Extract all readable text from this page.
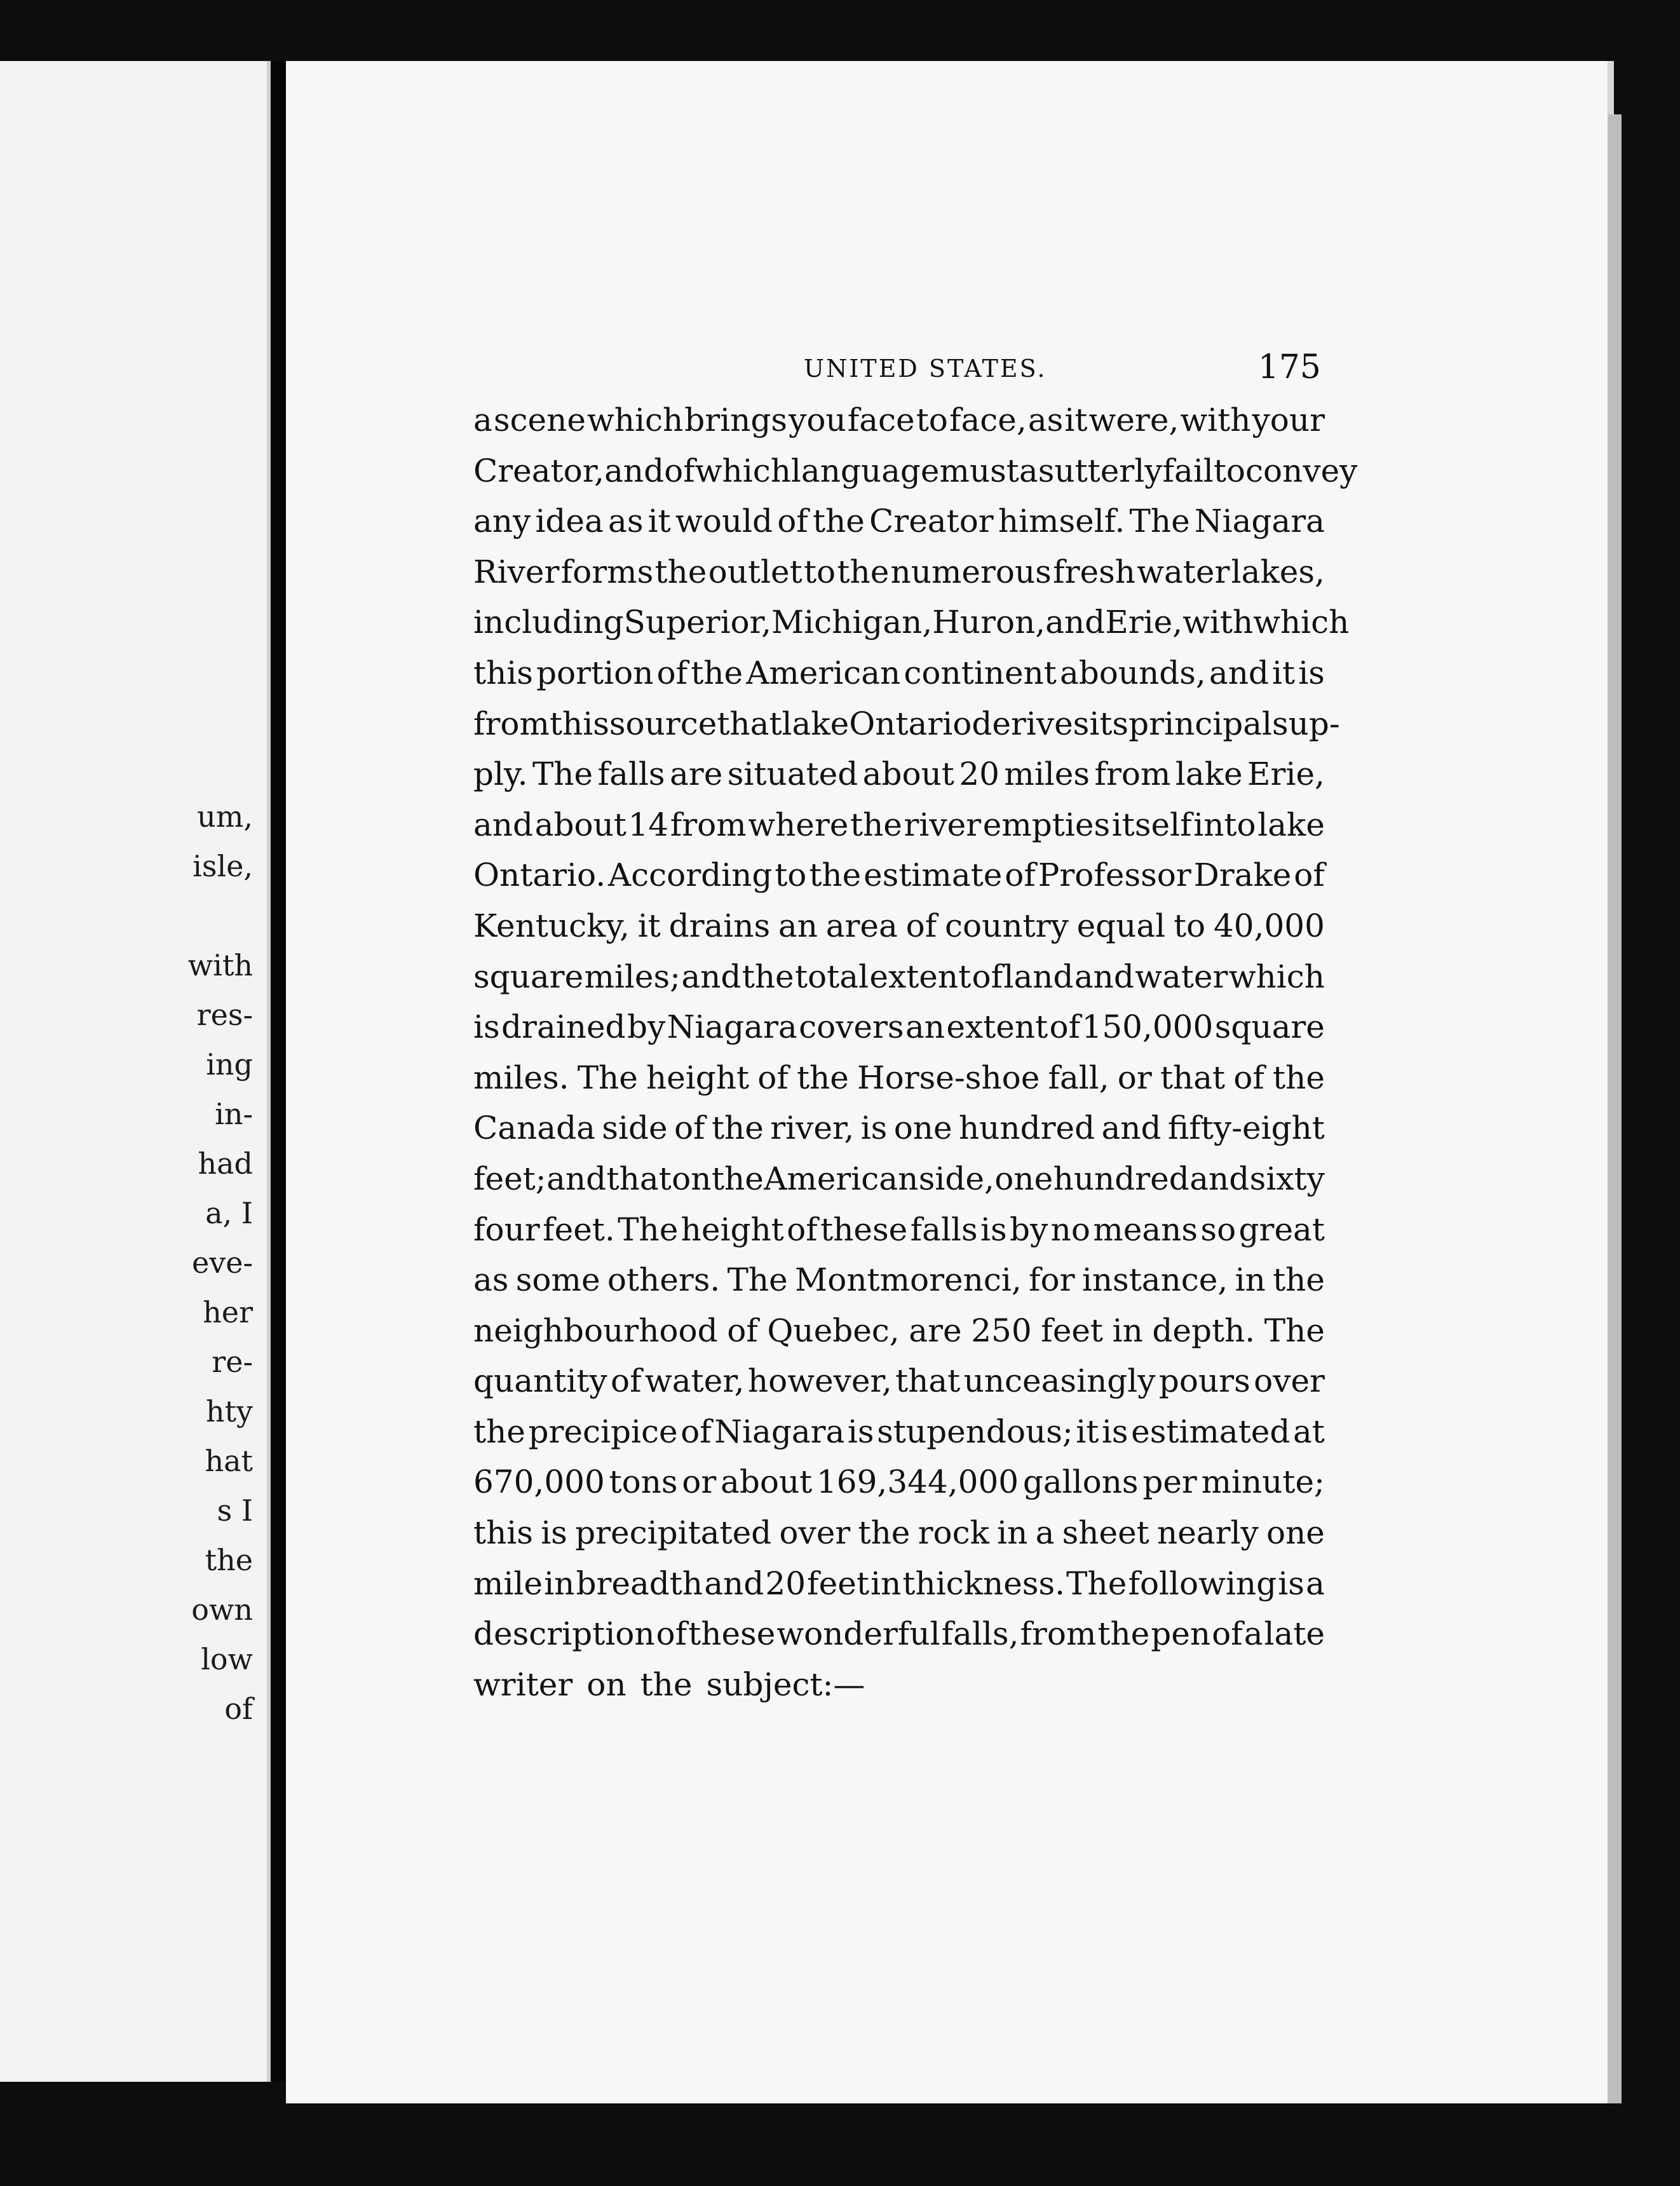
um,
isle,

with
res-
ing
in-
had
a, I
eve-
her
re-
hty
hat
s I
the
own
low
of
UNITED STATES.	175
a scene which brings you face to face, as it were, with your
Creator, and of which language must as utterly fail to convey
any idea as it would of the Creator himself. The Niagara
River forms the outlet to the numerous fresh water lakes,
including Superior, Michigan, Huron, and Erie, with which
this portion of the American continent abounds, and it is
from this source that lake Ontario derives its principal sup-
ply. The falls are situated about 20 miles from lake Erie,
and about 14 from where the river empties itself into lake
Ontario. According to the estimate of Professor Drake of
Kentucky, it drains an area of country equal to 40,000
square miles; and the total extent of land and water which
is drained by Niagara covers an extent of 150,000 square
miles. The height of the Horse-shoe fall, or that of the
Canada side of the river, is one hundred and fifty-eight
feet; and that on the American side, one hundred and sixty
four feet. The height of these falls is by no means so great
as some others. The Montmorenci, for instance, in the
neighbourhood of Quebec, are 250 feet in depth. The
quantity of water, however, that unceasingly pours over
the precipice of Niagara is stupendous; it is estimated at
670,000 tons or about 169,344,000 gallons per minute;
this is precipitated over the rock in a sheet nearly one
mile in breadth and 20 feet in thickness. The following is a
description of these wonderful falls, from the pen of a late
writer on the subject:—
